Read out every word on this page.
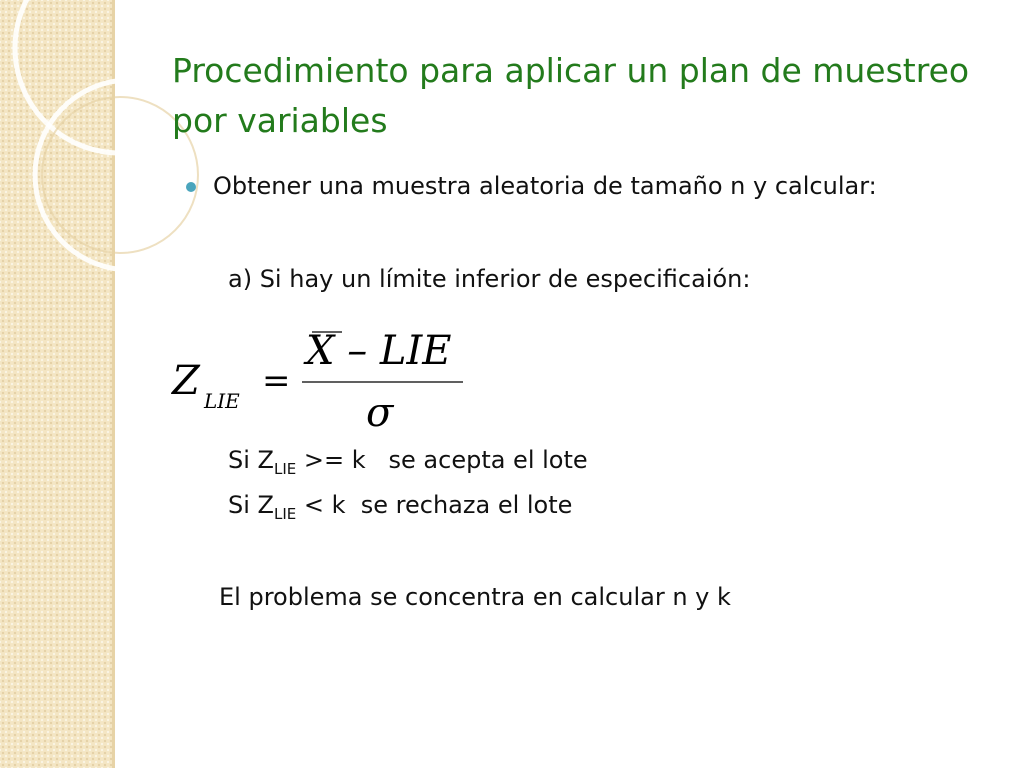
Procedimiento para aplicar un plan de muestreo por variables
Obtener una muestra aleatoria de tamaño n y calcular:
a) Si hay un límite inferior de especificaión:
Z LIE =
X – LIE
σ
Si $Z_{LIE} >= k$   se acepta el lote
Si $Z_{LIE} < k$  se rechaza el lote
El problema se concentra en calcular n y k
